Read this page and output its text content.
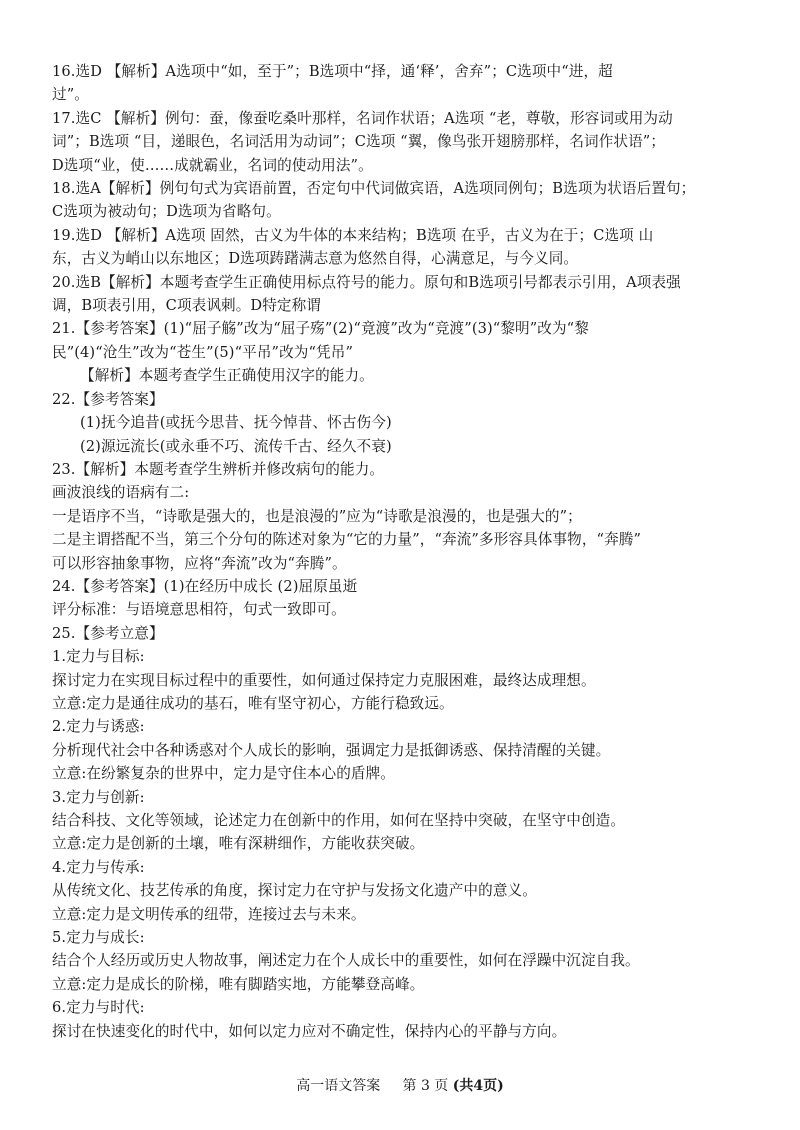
16.选D 【解析】A选项中“如，至于”；B选项中“择，通‘释’，舍弃”；C选项中“进，超
过”。
17.选C 【解析】例句：蚕，像蚕吃桑叶那样，名词作状语；A选项 “老，尊敬，形容词或用为动
词”；B选项 “目，递眼色，名词活用为动词”；C选项 “翼，像鸟张开翅膀那样，名词作状语”；
D选项“业，使……成就霸业，名词的使动用法”。
18.选A【解析】例句句式为宾语前置，否定句中代词做宾语，A选项同例句；B选项为状语后置句；
C选项为被动句；D选项为省略句。
19.选D 【解析】A选项 固然，古义为牛体的本来结构；B选项 在乎，古义为在于；C选项 山
东，古义为峭山以东地区；D选项踌躇满志意为悠然自得，心满意足，与今义同。
20.选B【解析】本题考查学生正确使用标点符号的能力。原句和B选项引号都表示引用，A项表强
调，B项表引用，C项表讽刺。D特定称谓
21.【参考答案】(1)“屈子觞”改为“屈子殇”(2)“竟渡”改为“竞渡”(3)“黎明”改为“黎
民”(4)“沧生”改为“苍生”(5)“平吊”改为“凭吊”
【解析】本题考查学生正确使用汉字的能力。
22.【参考答案】
(1)抚今追昔(或抚今思昔、抚今悼昔、怀古伤今)
(2)源远流长(或永垂不巧、流传千古、经久不衰)
23.【解析】本题考查学生辨析并修改病句的能力。
画波浪线的语病有二:
一是语序不当，“诗歌是强大的，也是浪漫的”应为“诗歌是浪漫的，也是强大的”；
二是主谓搭配不当，第三个分句的陈述对象为“它的力量”，“奔流”多形容具体事物，“奔腾”
可以形容抽象事物，应将“奔流”改为“奔腾”。
24.【参考答案】(1)在经历中成长 (2)屈原虽逝
评分标准：与语境意思相符，句式一致即可。
25.【参考立意】
1.定力与目标:
探讨定力在实现目标过程中的重要性，如何通过保持定力克服困难，最终达成理想。
立意:定力是通往成功的基石，唯有坚守初心，方能行稳致远。
2.定力与诱惑:
分析现代社会中各种诱惑对个人成长的影响，强调定力是抵御诱惑、保持清醒的关键。
立意:在纷繁复杂的世界中，定力是守住本心的盾牌。
3.定力与创新:
结合科技、文化等领域，论述定力在创新中的作用，如何在坚持中突破，在坚守中创造。
立意:定力是创新的土壤，唯有深耕细作，方能收获突破。
4.定力与传承:
从传统文化、技艺传承的角度，探讨定力在守护与发扬文化遗产中的意义。
立意:定力是文明传承的纽带，连接过去与未来。
5.定力与成长:
结合个人经历或历史人物故事，阐述定力在个人成长中的重要性，如何在浮躁中沉淀自我。
立意:定力是成长的阶梯，唯有脚踏实地，方能攀登高峰。
6.定力与时代:
探讨在快速变化的时代中，如何以定力应对不确定性，保持内心的平静与方向。
高一语文答案 第 3 页 (共4页)
